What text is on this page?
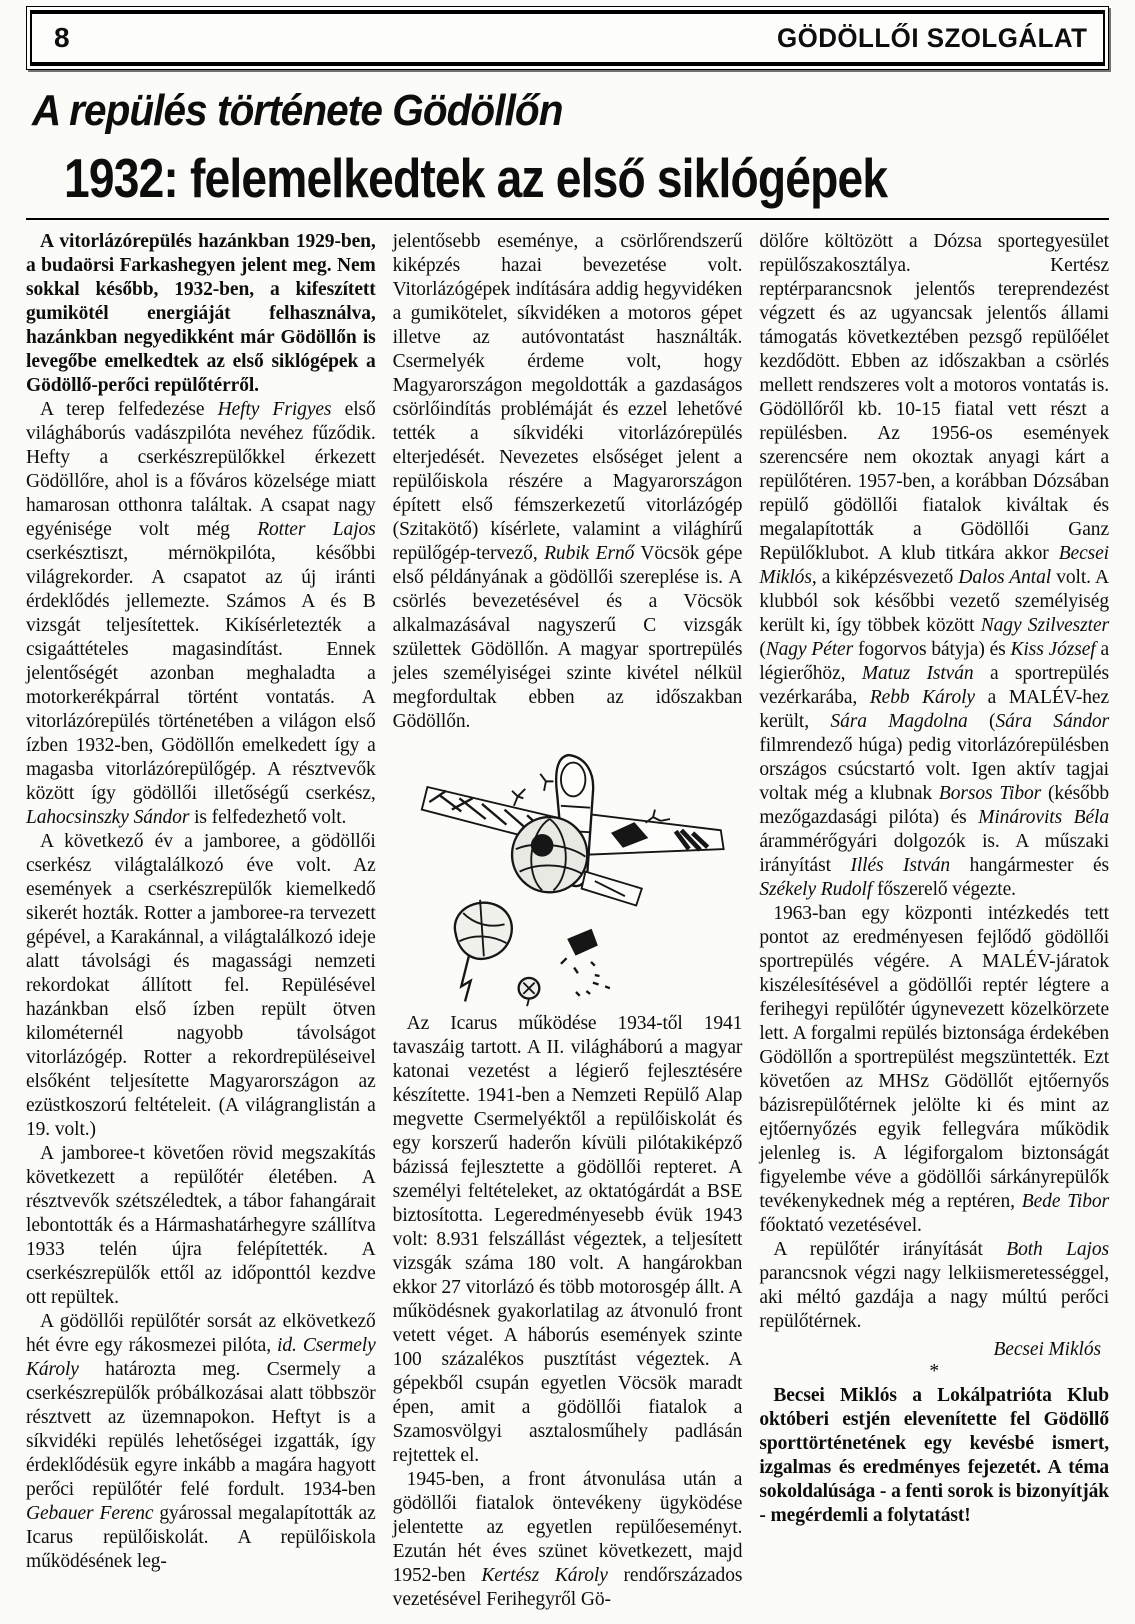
8	GÖDÖLLŐI SZOLGÁLAT
A repülés története Gödöllőn
1932: felemelkedtek az első siklógépek

A vitorlázórepülés hazánkban 1929-ben, a budaörsi Farkashegyen jelent meg. Nem sokkal később, 1932-ben, a kifeszített gumikötél energiáját felhasználva, hazánkban negyedikként már Gödöllőn is levegőbe emelkedtek az első siklógépek a Gödöllő-perőci repülőtérről.

A terep felfedezése Hefty Frigyes első világháborús vadászpilóta nevéhez fűződik. Hefty a cserkészrepülőkkel érkezett Gödöllőre, ahol is a főváros közelsége miatt hamarosan otthonra találtak. A csapat nagy egyénisége volt még Rotter Lajos cserkésztiszt, mérnökpilóta, későbbi világrekorder. A csapatot az új iránti érdeklődés jellemezte. Számos A és B vizsgát teljesítettek. Kikísérletezték a csigaáttételes magasindítást. Ennek jelentőségét azonban meghaladta a motorkerékpárral történt vontatás. A vitorlázórepülés történetében a világon első ízben 1932-ben, Gödöllőn emelkedett így a magasba vitorlázórepülőgép. A résztvevők között így gödöllői illetőségű cserkész, Lahocsinszky Sándor is felfedezhető volt.

A következő év a jamboree, a gödöllői cserkész világtalálkozó éve volt. Az események a cserkészrepülők kiemelkedő sikerét hozták. Rotter a jamboree-ra tervezett gépével, a Karakánnal, a világtalálkozó ideje alatt távolsági és magassági nemzeti rekordokat állított fel. Repülésével hazánkban első ízben repült ötven kilométernél nagyobb távolságot vitorlázógép. Rotter a rekordrepüléseivel elsőként teljesítette Magyarországon az ezüstkoszorú feltételeit. (A világranglistán a 19. volt.)

A jamboree-t követően rövid megszakítás következett a repülőtér életében. A résztvevők szétszéledtek, a tábor fahangárait lebontották és a Hármashatárhegyre szállítva 1933 telén újra felépítették. A cserkészrepülők ettől az időponttól kezdve ott repültek.

A gödöllői repülőtér sorsát az elkövetkező hét évre egy rákosmezei pilóta, id. Csermely Károly határozta meg. Csermely a cserkészrepülők próbálkozásai alatt többször résztvett az üzemnapokon. Heftyt is a síkvidéki repülés lehetőségei izgatták, így érdeklődésük egyre inkább a magára hagyott perőci repülőtér felé fordult. 1934-ben Gebauer Ferenc gyárossal megalapították az Icarus repülőiskolát. A repülőiskola működésének leg-

jelentősebb eseménye, a csörlőrendszerű kiképzés hazai bevezetése volt. Vitorlázógépek indítására addig hegyvidéken a gumikötelet, síkvidéken a motoros gépet illetve az autóvontatást használták. Csermelyék érdeme volt, hogy Magyarországon megoldották a gazdaságos csörlőindítás problémáját és ezzel lehetővé tették a síkvidéki vitorlázórepülés elterjedését. Nevezetes elsőséget jelent a repülőiskola részére a Magyarországon épített első fémszerkezetű vitorlázógép (Szitakötő) kísérlete, valamint a világhírű repülőgép-tervező, Rubik Ernő Vöcsök gépe első példányának a gödöllői szereplése is. A csörlés bevezetésével és a Vöcsök alkalmazásával nagyszerű C vizsgák születtek Gödöllőn. A magyar sportrepülés jeles személyiségei szinte kivétel nélkül megfordultak ebben az időszakban Gödöllőn.

Az Icarus működése 1934-től 1941 tavaszáig tartott. A II. világháború a magyar katonai vezetést a légierő fejlesztésére készítette. 1941-ben a Nemzeti Repülő Alap megvette Csermelyéktől a repülőiskolát és egy korszerű haderőn kívüli pilótakiképző bázissá fejlesztette a gödöllői repteret. A személyi feltételeket, az oktatógárdát a BSE biztosította. Legeredményesebb évük 1943 volt: 8.931 felszállást végeztek, a teljesített vizsgák száma 180 volt. A hangárokban ekkor 27 vitorlázó és több motorosgép állt. A működésnek gyakorlatilag az átvonuló front vetett véget. A háborús események szinte 100 százalékos pusztítást végeztek. A gépekből csupán egyetlen Vöcsök maradt épen, amit a gödöllői fiatalok a Szamosvölgyi asztalosműhely padlásán rejtettek el.

1945-ben, a front átvonulása után a gödöllői fiatalok öntevékeny ügyködése jelentette az egyetlen repülőeseményt. Ezután hét éves szünet következett, majd 1952-ben Kertész Károly rendőrszázados vezetésével Ferihegyről Gö-

dölőre költözött a Dózsa sportegyesület repülőszakosztálya. Kertész reptérparancsnok jelentős tereprendezést végzett és az ugyancsak jelentős állami támogatás következtében pezsgő repülőélet kezdődött. Ebben az időszakban a csörlés mellett rendszeres volt a motoros vontatás is. Gödöllőről kb. 10-15 fiatal vett részt a repülésben. Az 1956-os események szerencsére nem okoztak anyagi kárt a repülőtéren. 1957-ben, a korábban Dózsában repülő gödöllői fiatalok kiváltak és megalapították a Gödöllői Ganz Repülőklubot. A klub titkára akkor Becsei Miklós, a kiképzésvezető Dalos Antal volt. A klubból sok későbbi vezető személyiség került ki, így többek között Nagy Szilveszter (Nagy Péter fogorvos bátyja) és Kiss József a légierőhöz, Matuz István a sportrepülés vezérkarába, Rebb Károly a MALÉV-hez került, Sára Magdolna (Sára Sándor filmrendező húga) pedig vitorlázórepülésben országos csúcstartó volt. Igen aktív tagjai voltak még a klubnak Borsos Tibor (később mezőgazdasági pilóta) és Minárovits Béla árammérőgyári dolgozók is. A műszaki irányítást Illés István hangármester és Székely Rudolf főszerelő végezte.

1963-ban egy központi intézkedés tett pontot az eredményesen fejlődő gödöllői sportrepülés végére. A MALÉV-járatok kiszélesítésével a gödöllői reptér légtere a ferihegyi repülőtér úgynevezett közelkörzete lett. A forgalmi repülés biztonsága érdekében Gödöllőn a sportrepülést megszüntették. Ezt követően az MHSz Gödöllőt ejtőernyős bázisrepülőtérnek jelölte ki és mint az ejtőernyőzés egyik fellegvára működik jelenleg is. A légiforgalom biztonságát figyelembe véve a gödöllői sárkányrepülők tevékenykednek még a reptéren, Bede Tibor főoktató vezetésével.

A repülőtér irányítását Both Lajos parancsnok végzi nagy lelkiismeretességgel, aki méltó gazdája a nagy múltú perőci repülőtérnek.

Becsei Miklós

*

Becsei Miklós a Lokálpatrióta Klub októberi estjén elevenítette fel Gödöllő sporttörténetének egy kevésbé ismert, izgalmas és eredményes fejezetét. A téma sokoldalúsága - a fenti sorok is bizonyítják - megérdemli a folytatást!
